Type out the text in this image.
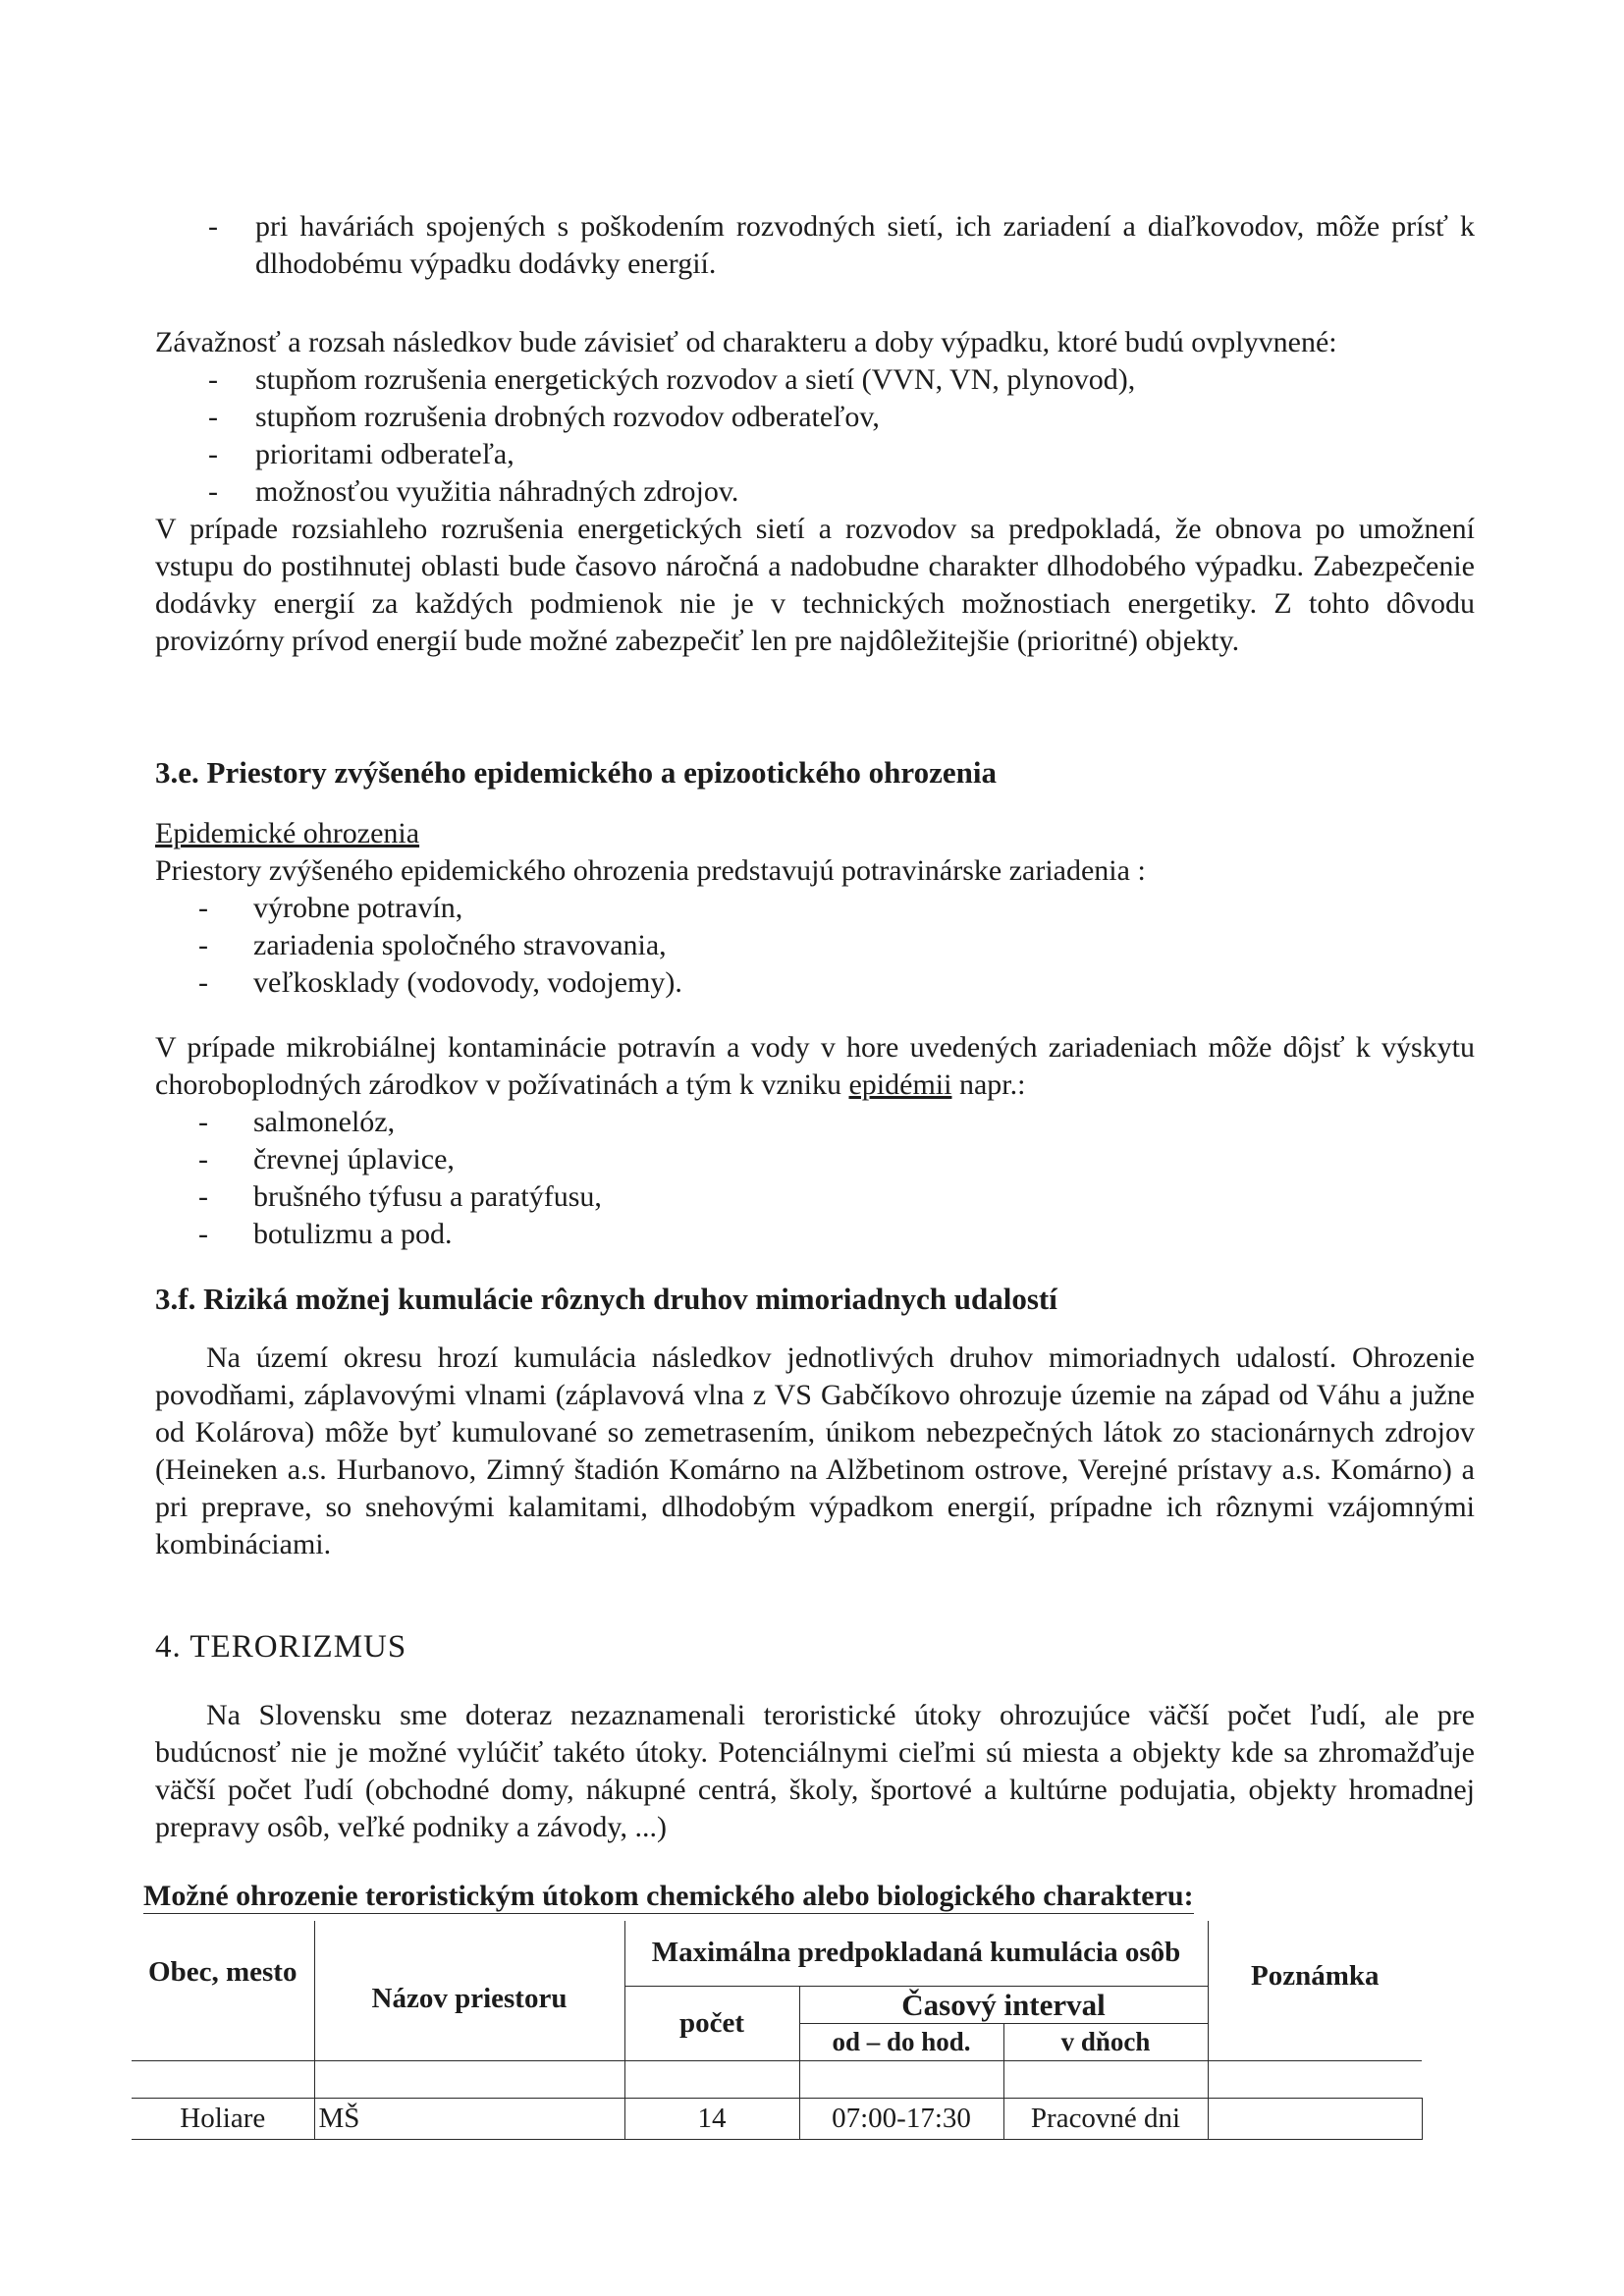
- pri haváriách spojených s poškodením rozvodných sietí, ich zariadení a diaľkovodov, môže prísť k dlhodobému výpadku dodávky energií.

Závažnosť a rozsah následkov bude závisieť od charakteru a doby výpadku, ktoré budú ovplyvnené:

- stupňom rozrušenia energetických rozvodov a sietí (VVN, VN, plynovod),

- stupňom rozrušenia drobných rozvodov odberateľov,

- prioritami odberateľa,

- možnosťou využitia náhradných zdrojov.

V prípade rozsiahleho rozrušenia energetických sietí a rozvodov sa predpokladá, že obnova po umožnení vstupu do postihnutej oblasti bude časovo náročná a nadobudne charakter dlhodobého výpadku. Zabezpečenie dodávky energií za každých podmienok nie je v technických možnostiach energetiky. Z tohto dôvodu provizórny prívod energií bude možné zabezpečiť len pre najdôležitejšie (prioritné) objekty.

3.e. Priestory zvýšeného epidemického a epizootického ohrozenia

Epidemické ohrozenia

Priestory zvýšeného epidemického ohrozenia predstavujú potravinárske zariadenia :

- výrobne potravín,

- zariadenia spoločného stravovania,

- veľkosklady (vodovody, vodojemy).

V prípade mikrobiálnej kontaminácie potravín a vody v hore uvedených zariadeniach môže dôjsť k výskytu choroboplodných zárodkov v požívatinách a tým k vzniku epidémii napr.:

- salmonelóz,

- črevnej úplavice,

- brušného týfusu a paratýfusu,

- botulizmu a pod.

3.f. Riziká možnej kumulácie rôznych druhov mimoriadnych udalostí

Na území okresu hrozí kumulácia následkov jednotlivých druhov mimoriadnych udalostí. Ohrozenie povodňami, záplavovými vlnami (záplavová vlna z VS Gabčíkovo ohrozuje územie na západ od Váhu a južne od Kolárova) môže byť kumulované so zemetrasením, únikom nebezpečných látok zo stacionárnych zdrojov (Heineken a.s. Hurbanovo, Zimný štadión Komárno na Alžbetinom ostrove, Verejné prístavy a.s. Komárno) a pri preprave, so snehovými kalamitami, dlhodobým výpadkom energií, prípadne ich rôznymi vzájomnými kombináciami.

4. TERORIZMUS

Na Slovensku sme doteraz nezaznamenali teroristické útoky ohrozujúce väčší počet ľudí, ale pre budúcnosť nie je možné vylúčiť takéto útoky. Potenciálnymi cieľmi sú miesta a objekty kde sa zhromažďuje väčší počet ľudí (obchodné domy, nákupné centrá, školy, športové a kultúrne podujatia, objekty hromadnej prepravy osôb, veľké podniky a závody, ...)

Možné ohrozenie teroristickým útokom chemického alebo biologického charakteru:

Obec, mesto	Názov priestoru	Maximálna predpokladaná kumulácia osôb			Poznámka
		počet	Časový interval		
			od – do hod.	v dňoch	

Holiare	MŠ	14	07:00-17:30	Pracovné dni	
